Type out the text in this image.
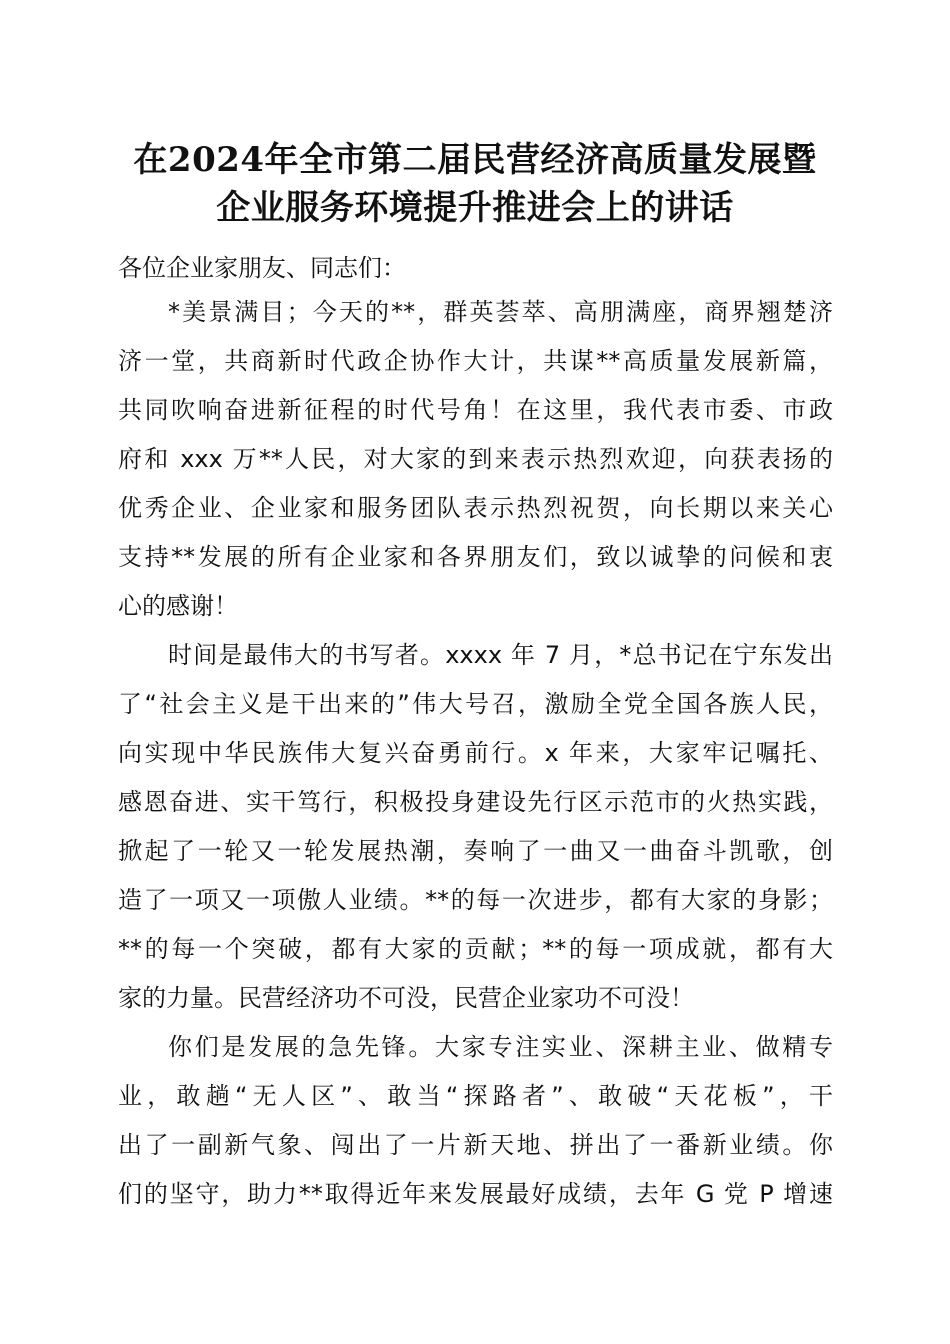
在2024年全市第二届民营经济高质量发展暨
企业服务环境提升推进会上的讲话
各位企业家朋友、同志们：
*美景满目；今天的**，群英荟萃、高朋满座，商界翘楚济
济一堂，共商新时代政企协作大计，共谋**高质量发展新篇，
共同吹响奋进新征程的时代号角！在这里，我代表市委、市政
府和 xxx 万**人民，对大家的到来表示热烈欢迎，向获表扬的
优秀企业、企业家和服务团队表示热烈祝贺，向长期以来关心
支持**发展的所有企业家和各界朋友们，致以诚挚的问候和衷
心的感谢！
时间是最伟大的书写者。xxxx 年 7 月，*总书记在宁东发出
了“社会主义是干出来的”伟大号召，激励全党全国各族人民，
向实现中华民族伟大复兴奋勇前行。x 年来，大家牢记嘱托、
感恩奋进、实干笃行，积极投身建设先行区示范市的火热实践，
掀起了一轮又一轮发展热潮，奏响了一曲又一曲奋斗凯歌，创
造了一项又一项傲人业绩。**的每一次进步，都有大家的身影；
**的每一个突破，都有大家的贡献；**的每一项成就，都有大
家的力量。民营经济功不可没，民营企业家功不可没！
你们是发展的急先锋。大家专注实业、深耕主业、做精专
业，敢趟“无人区”、敢当“探路者”、敢破“天花板”，干
出了一副新气象、闯出了一片新天地、拼出了一番新业绩。你
们的坚守，助力**取得近年来发展最好成绩，去年 G 党 P 增速
